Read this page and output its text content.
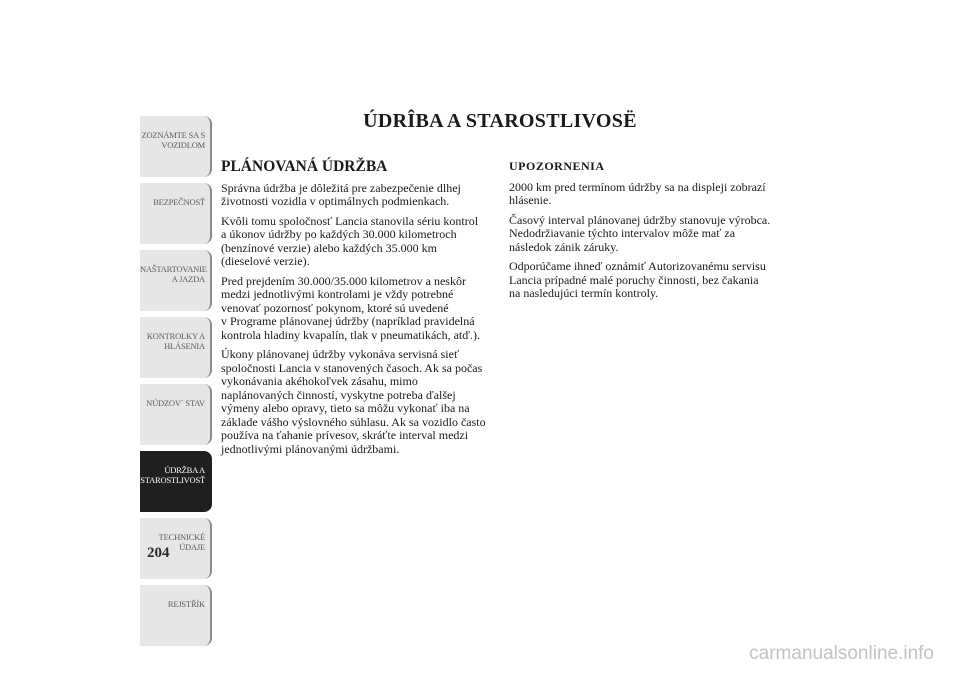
ZOZNÁMTE SA S
VOZIDLOM
BEZPEČNOSŤ
NAŠTARTOVANIE
A JAZDA
KONTROLKY A
HLÁSENIA
NÚDZOV´ STAV
ÚDRŽBA A
STAROSTLIVOSŤ
TECHNICKÉ
ÚDAJE
REJSTŘÍK
204
ÚDRÎBA A STAROSTLIVOSË
PLÁNOVANÁ ÚDRŽBA

Správna údržba je dôležitá pre zabezpečenie dlhej
životnosti vozidla v optimálnych podmienkach.

Kvôli tomu spoločnosť Lancia stanovila sériu kontrol
a úkonov údržby po každých 30.000 kilometroch
(benzínové verzie) alebo každých 35.000 km
(dieselové verzie).

Pred prejdením 30.000/35.000 kilometrov a neskôr
medzi jednotlivými kontrolami je vždy potrebné
venovať pozornosť pokynom, ktoré sú uvedené
v Programe plánovanej údržby (napríklad pravidelná
kontrola hladiny kvapalín, tlak v pneumatikách, atď.).

Úkony plánovanej údržby vykonáva servisná sieť
spoločnosti Lancia v stanovených časoch. Ak sa počas
vykonávania akéhokoľvek zásahu, mimo
naplánovaných činností, vyskytne potreba ďalšej
výmeny alebo opravy, tieto sa môžu vykonať iba na
základe vášho výslovného súhlasu. Ak sa vozidlo často
používa na ťahanie prívesov, skráťte interval medzi
jednotlivými plánovanými údržbami.

UPOZORNENIA

2000 km pred termínom údržby sa na displeji zobrazí
hlásenie.

Časový interval plánovanej údržby stanovuje výrobca.
Nedodržiavanie týchto intervalov môže mať za
následok zánik záruky.

Odporúčame ihneď oznámiť Autorizovanému servisu
Lancia prípadné malé poruchy činnosti, bez čakania
na nasledujúci termín kontroly.

carmanualsonline.info
